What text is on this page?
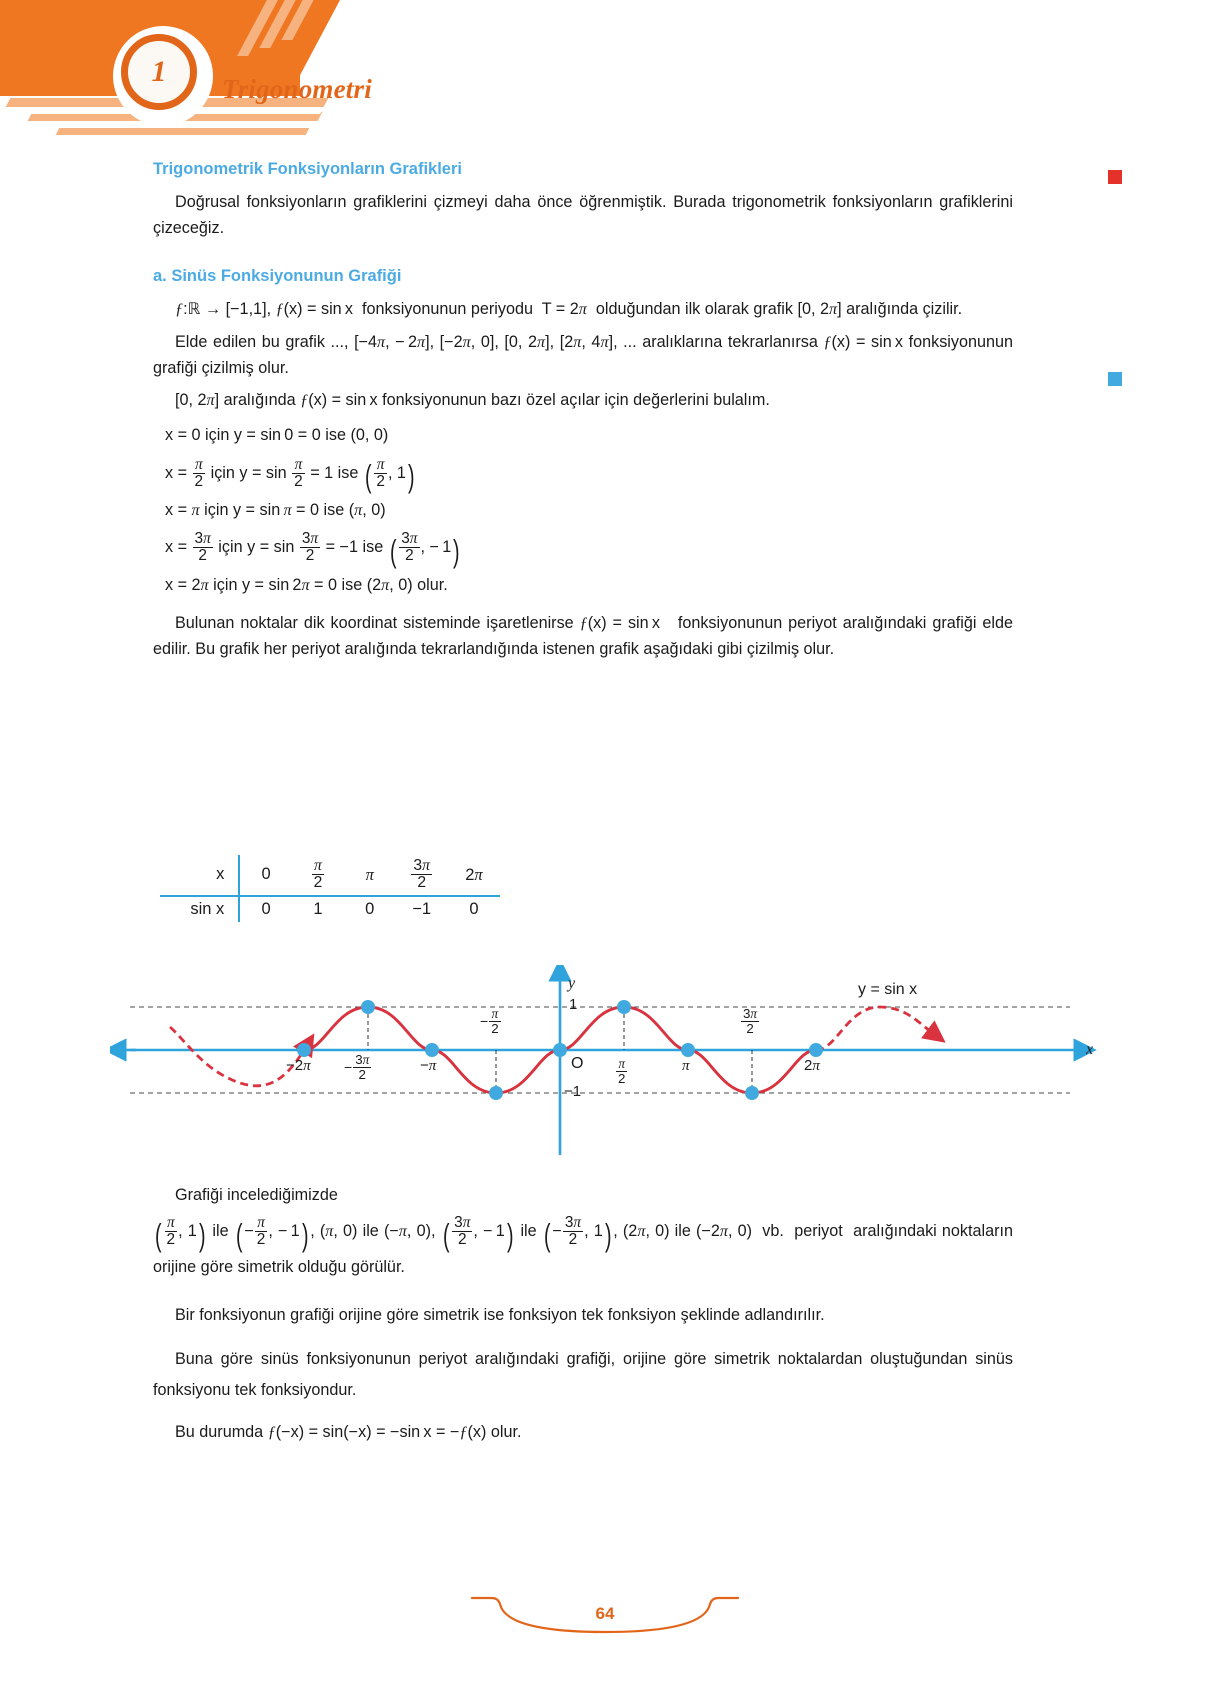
1
Trigonometri
Trigonometrik Fonksiyonların Grafikleri

Doğrusal fonksiyonların grafiklerini çizmeyi daha önce öğrenmiştik. Burada trigonometrik fonksiyonların grafiklerini çizeceğiz.

a. Sinüs Fonksiyonunun Grafiği

ƒ:ℝ → [−1,1], ƒ(x) = sin x  fonksiyonunun periyodu  T = 2π  olduğundan ilk olarak grafik [0, 2π] aralığında çizilir.

Elde edilen bu grafik ..., [−4π, − 2π], [−2π, 0], [0, 2π], [2π, 4π], ... aralıklarına tekrarlanırsa ƒ(x) = sin x fonksiyonunun grafiği çizilmiş olur.

[0, 2π] aralığında ƒ(x) = sin x fonksiyonunun bazı özel açılar için değerlerini bulalım.

x = 0 için y = sin 0 = 0 ise (0, 0)

$x = \frac{\pi}{2}$ için $y = \sin \frac{\pi}{2} = 1$ ise ( $\frac{\pi}{2}$ , 1)

x = π için y = sin π = 0 ise (π, 0)

$x = \frac{3\pi}{2}$ için $y = \sin \frac{3\pi}{2} = -1$ ise ( $\frac{3\pi}{2}$ , − 1)

x = 2π için y = sin 2π = 0 ise (2π, 0) olur.

Bulunan noktalar dik koordinat sisteminde işaretlenirse ƒ(x) = sin x   fonksiyonunun periyot aralığındaki grafiği elde edilir. Bu grafik her periyot aralığında tekrarlandığında istenen grafik aşağıdaki gibi çizilmiş olur.

x		0	$\frac{\pi}{2}$	π	$\frac{3\pi}{2}$	2π
sin x		0	1	0	−1	0
y
x
O
1
−1
$-2\pi - \frac{3\pi}{2}$	−π
− $\frac{\pi}{2}$
$\frac{\pi}{2}$	π
$\frac{3\pi}{2}$
2π
y = sin x

Grafiği incelediğimizde

( $\frac{\pi}{2}$ , 1) ile ( − $\frac{\pi}{2}$ , − 1) , (π, 0) ile (−π, 0), ( $\frac{3\pi}{2}$ , − 1) ile ( − $\frac{3\pi}{2}$ , 1) , (2π, 0) ile (−2π, 0)  vb.  periyot  aralığındaki noktaların orijine göre simetrik olduğu görülür.

Bir fonksiyonun grafiği orijine göre simetrik ise fonksiyon tek fonksiyon şeklinde adlandırılır.

Buna göre sinüs fonksiyonunun periyot aralığındaki grafiği, orijine göre simetrik noktalardan oluştuğundan sinüs fonksiyonu tek fonksiyondur.

Bu durumda ƒ(−x) = sin(−x) = −sin x = −ƒ(x) olur.

64
